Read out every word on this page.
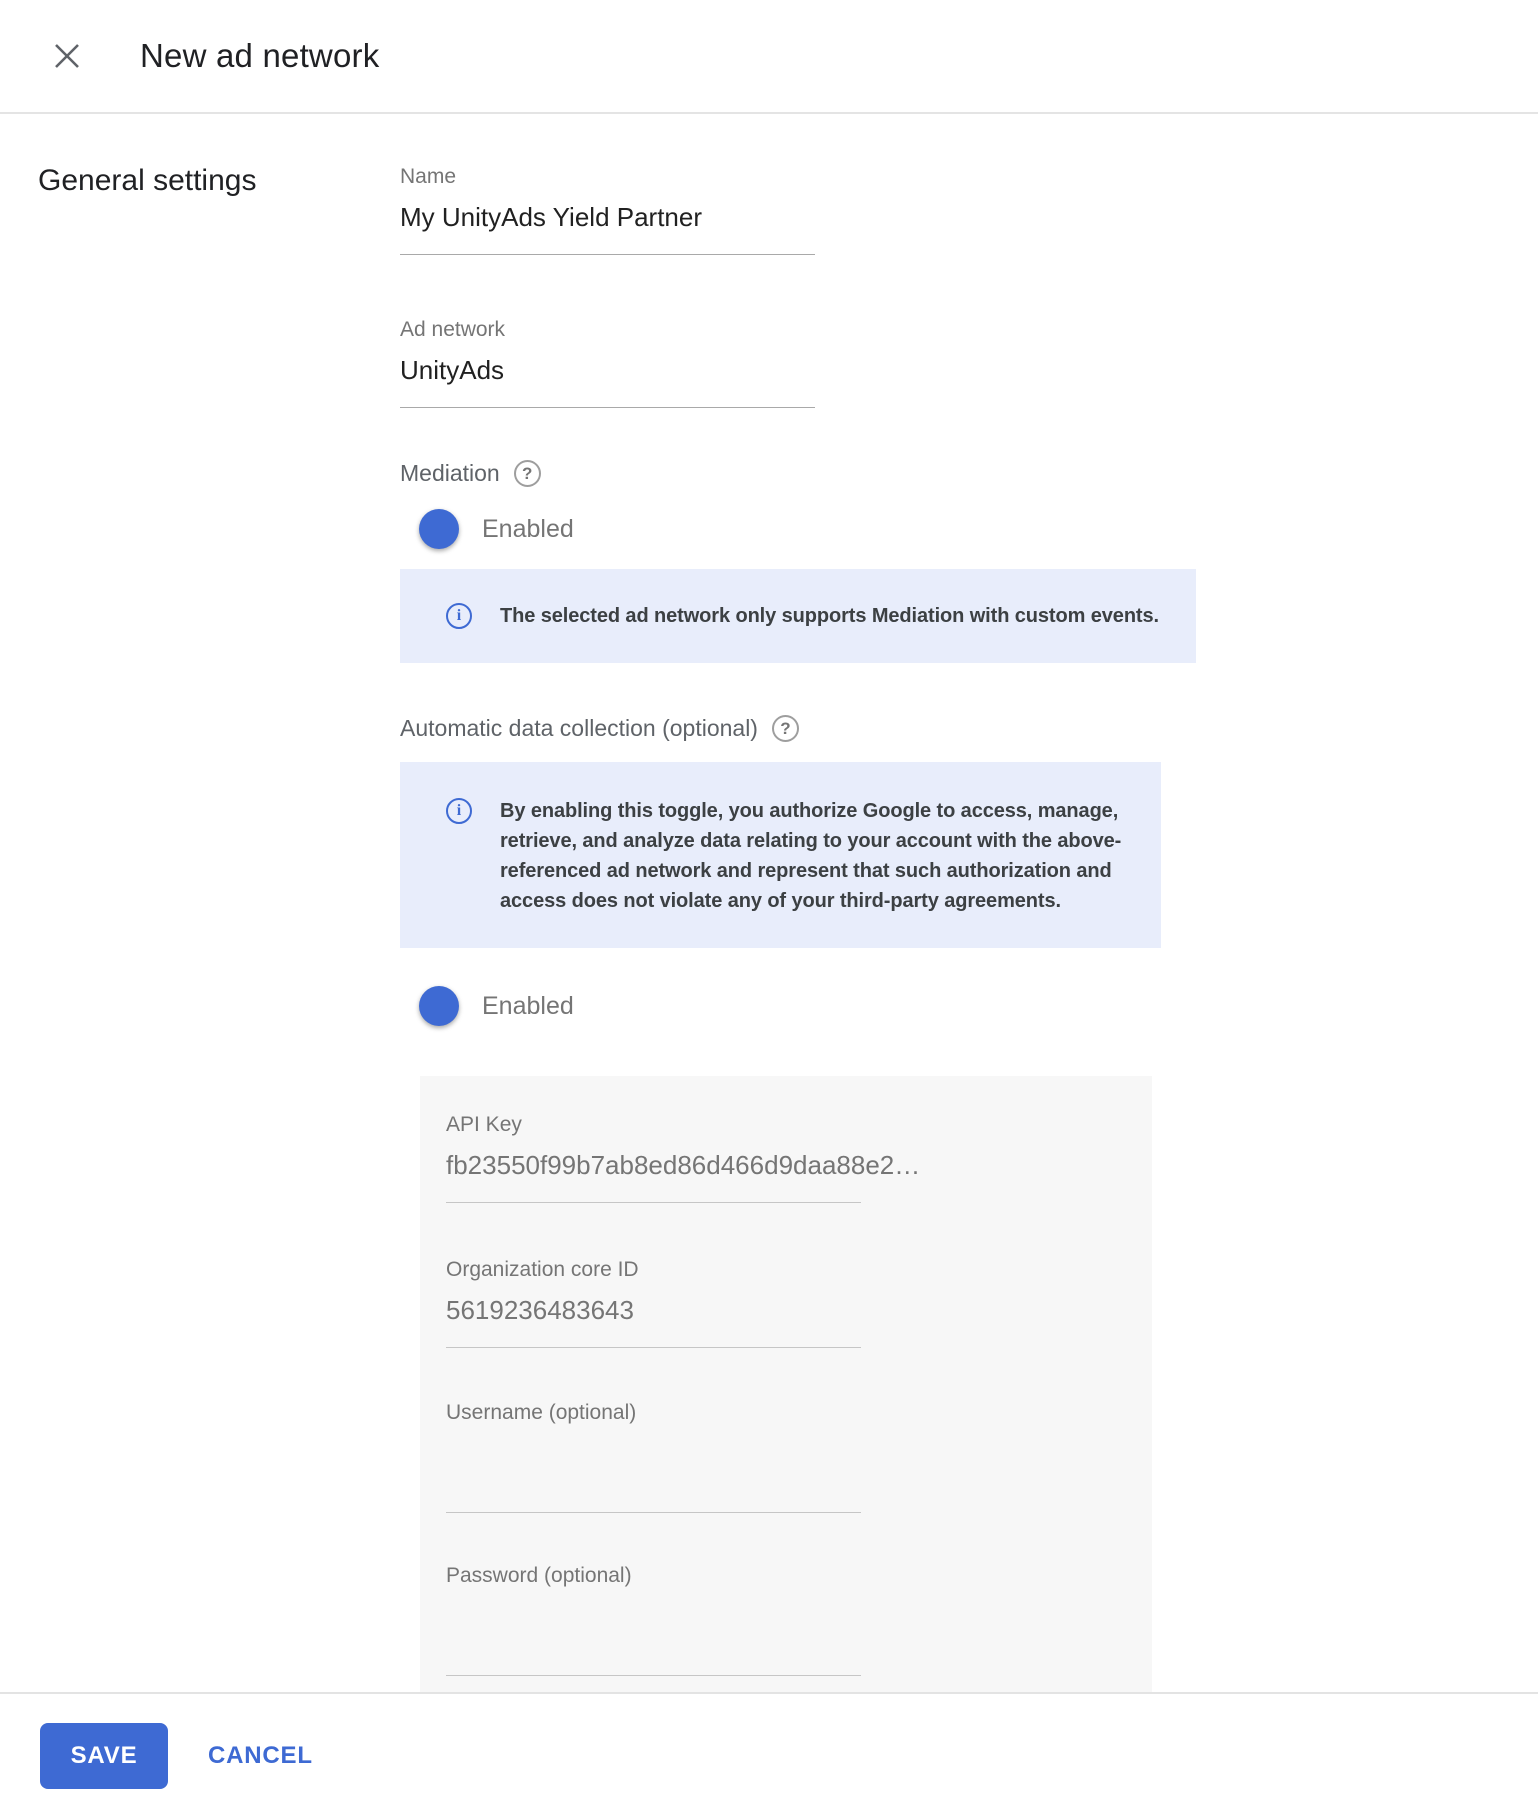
New ad network
General settings	Name
My UnityAds Yield Partner
Ad network
UnityAds
Mediation	?
Enabled
i	The selected ad network only supports Mediation with custom events.
Automatic data collection (optional)	?
i	By enabling this toggle, you authorize Google to access, manage, retrieve, and analyze data relating to your account with the above-referenced ad network and represent that such authorization and access does not violate any of your third-party agreements.
Enabled
API Key
fb23550f99b7ab8ed86d466d9daa88e2…
Organization core ID
5619236483643
Username (optional)
Password (optional)
SAVE	CANCEL
